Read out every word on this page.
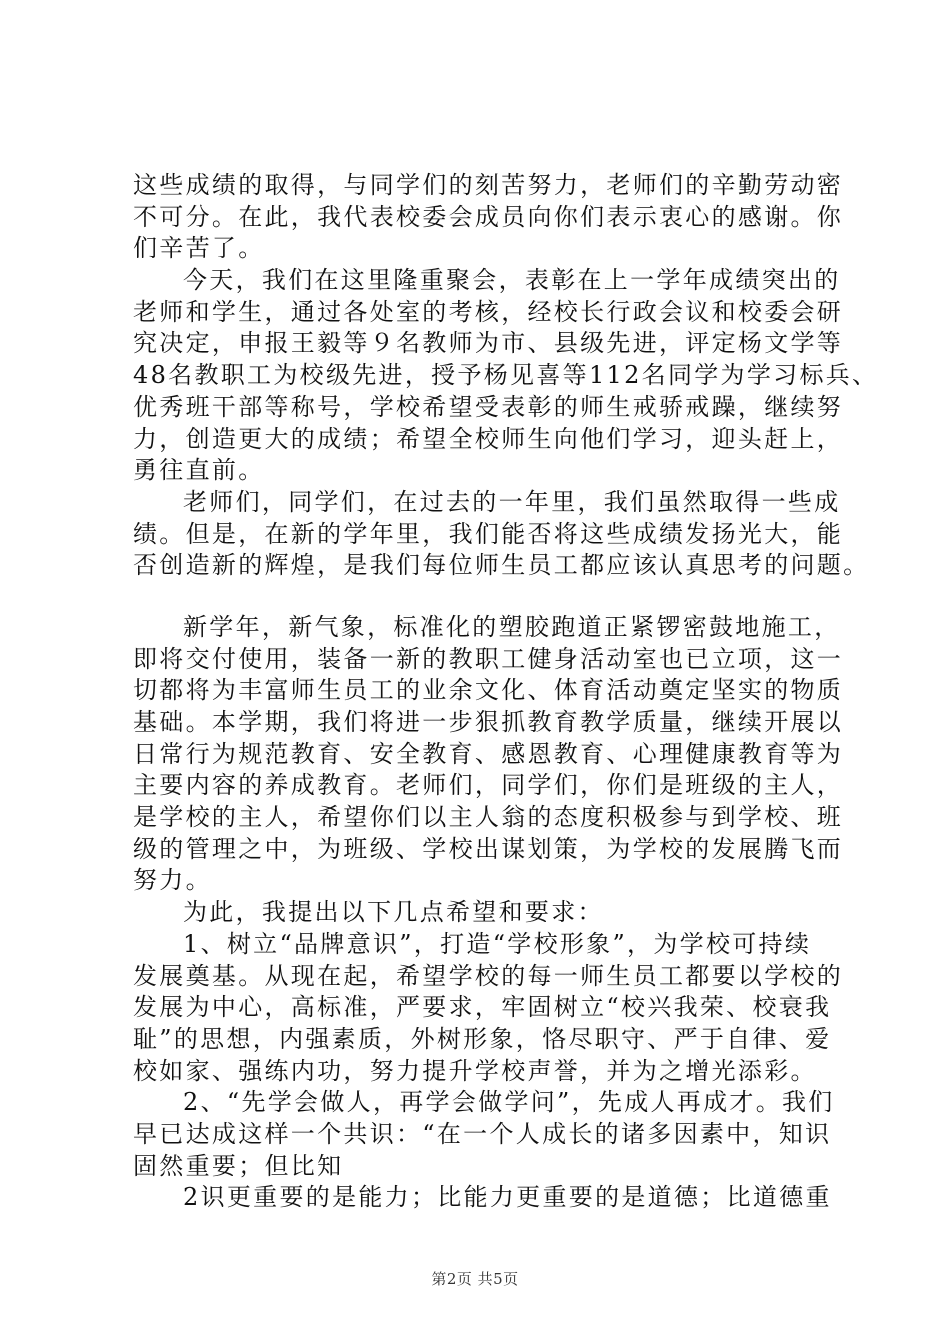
这些成绩的取得，与同学们的刻苦努力，老师们的辛勤劳动密
不可分。在此，我代表校委会成员向你们表示衷心的感谢。你
们辛苦了。
今天，我们在这里隆重聚会，表彰在上一学年成绩突出的
老师和学生，通过各处室的考核，经校长行政会议和校委会研
究决定，申报王毅等９名教师为市、县级先进，评定杨文学等
48名教职工为校级先进，授予杨见喜等112名同学为学习标兵、
优秀班干部等称号，学校希望受表彰的师生戒骄戒躁，继续努
力，创造更大的成绩；希望全校师生向他们学习，迎头赶上，
勇往直前。
老师们，同学们，在过去的一年里，我们虽然取得一些成
绩。但是，在新的学年里，我们能否将这些成绩发扬光大，能
否创造新的辉煌，是我们每位师生员工都应该认真思考的问题。
新学年，新气象，标准化的塑胶跑道正紧锣密鼓地施工，
即将交付使用，装备一新的教职工健身活动室也已立项，这一
切都将为丰富师生员工的业余文化、体育活动奠定坚实的物质
基础。本学期，我们将进一步狠抓教育教学质量，继续开展以
日常行为规范教育、安全教育、感恩教育、心理健康教育等为
主要内容的养成教育。老师们，同学们，你们是班级的主人，
是学校的主人，希望你们以主人翁的态度积极参与到学校、班
级的管理之中，为班级、学校出谋划策，为学校的发展腾飞而
努力。
为此，我提出以下几点希望和要求：
1、树立“品牌意识”，打造“学校形象”，为学校可持续
发展奠基。从现在起，希望学校的每一师生员工都要以学校的
发展为中心，高标准，严要求，牢固树立“校兴我荣、校衰我
耻”的思想，内强素质，外树形象，恪尽职守、严于自律、爱
校如家、强练内功，努力提升学校声誉，并为之增光添彩。
2、“先学会做人，再学会做学问”，先成人再成才。我们
早已达成这样一个共识：“在一个人成长的诸多因素中，知识
固然重要；但比知
2识更重要的是能力；比能力更重要的是道德；比道德重
第2页 共5页
